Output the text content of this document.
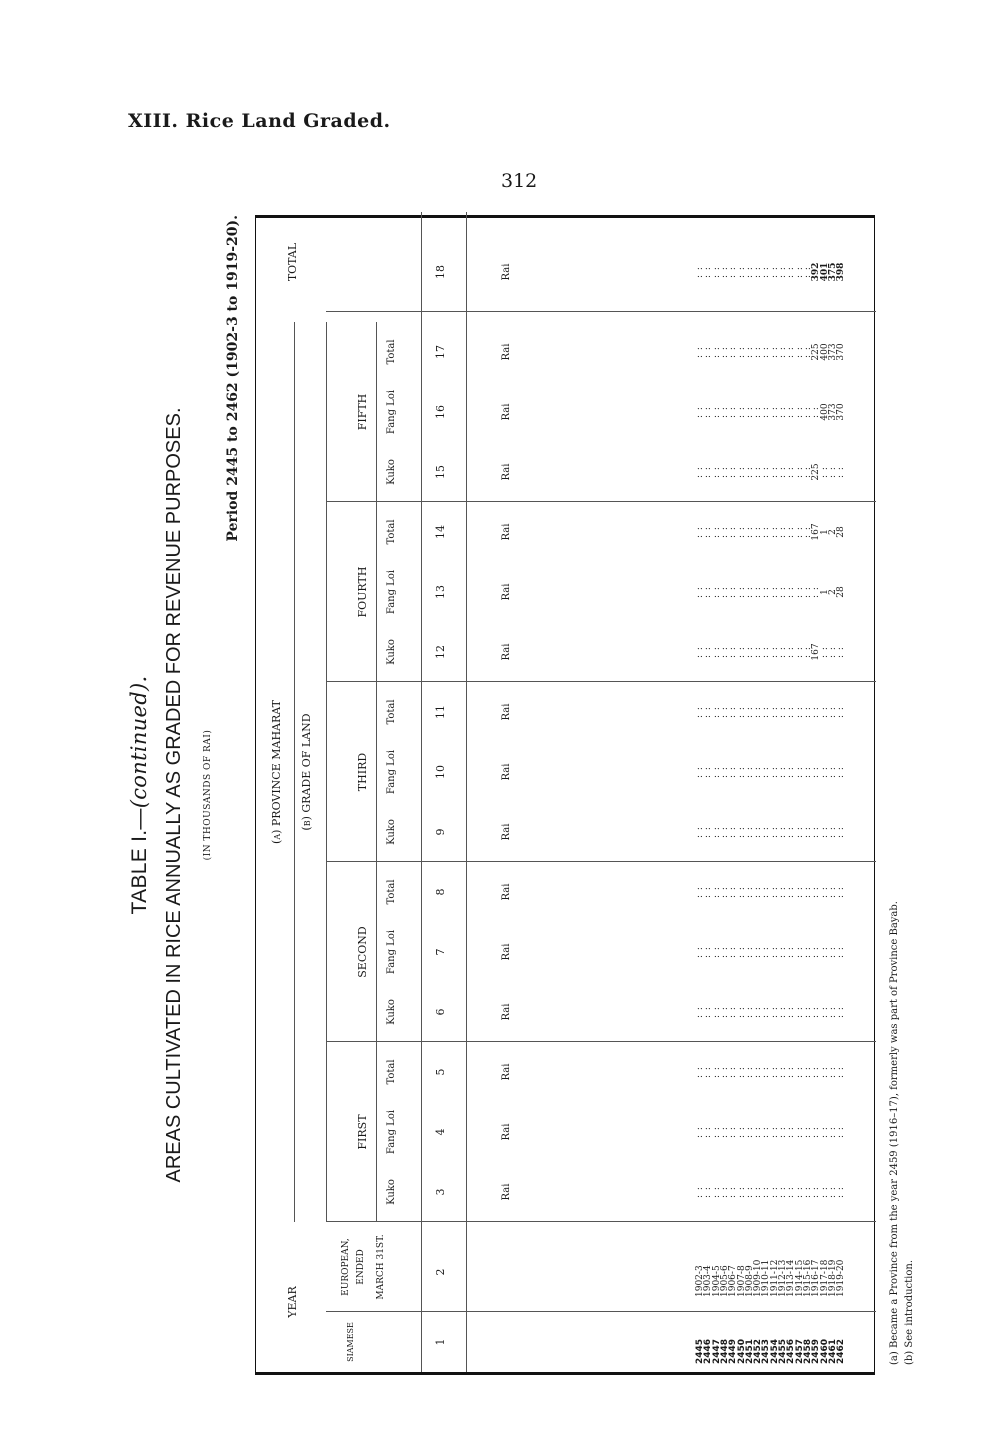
XIII. Rice Land Graded.
312
TABLE I.—(continued). AREAS CULTIVATED IN RICE ANNUALLY AS GRADED FOR REVENUE PURPOSES. (IN THOUSANDS OF RAI)
Period 2445 to 2462 (1902-3 to 1919-20).
(a) PROVINCE MAHARAT (b) GRADE OF LAND
YEAR
SIAMESE
EUROPEAN, ENDED MARCH 31ST.
FIRST
SECOND
THIRD
FOURTH
FIFTH
TOTAL
Kuko
Fang Loi
Total
Kuko
Fang Loi
Total
Kuko
Fang Loi
Total
Kuko
Fang Loi
Total
Kuko
Fang Loi
Total
1
2
3
4
5
6
7
8
9
10
11
12
13
14
15
16
17
18
Rai
Rai
Rai
Rai
Rai
Rai
Rai
Rai
Rai
Rai
Rai
Rai
Rai
Rai
Rai
Rai
2445
1902-3
: :
: :
: :
: :
: :
: :
: :
: :
: :
: :
: :
: :
: :
: :
: :
: :
2446
1903-4
: :
: :
: :
: :
: :
: :
: :
: :
: :
: :
: :
: :
: :
: :
: :
: :
2447
1904-5
: :
: :
: :
: :
: :
: :
: :
: :
: :
: :
: :
: :
: :
: :
: :
: :
2448
1905-6
: :
: :
: :
: :
: :
: :
: :
: :
: :
: :
: :
: :
: :
: :
: :
: :
2449
1906-7
: :
: :
: :
: :
: :
: :
: :
: :
: :
: :
: :
: :
: :
: :
: :
: :
2450
1907-8
: :
: :
: :
: :
: :
: :
: :
: :
: :
: :
: :
: :
: :
: :
: :
: :
2451
1908-9
: :
: :
: :
: :
: :
: :
: :
: :
: :
: :
: :
: :
: :
: :
: :
: :
2452
1909-10
: :
: :
: :
: :
: :
: :
: :
: :
: :
: :
: :
: :
: :
: :
: :
: :
2453
1910-11
: :
: :
: :
: :
: :
: :
: :
: :
: :
: :
: :
: :
: :
: :
: :
: :
2454
1911-12
: :
: :
: :
: :
: :
: :
: :
: :
: :
: :
: :
: :
: :
: :
: :
: :
2455
1912-13
: :
: :
: :
: :
: :
: :
: :
: :
: :
: :
: :
: :
: :
: :
: :
: :
2456
1913-14
: :
: :
: :
: :
: :
: :
: :
: :
: :
: :
: :
: :
: :
: :
: :
: :
2457
1914-15
: :
: :
: :
: :
: :
: :
: :
: :
: :
: :
: :
: :
: :
: :
: :
: :
2458
1915-16
: :
: :
: :
: :
: :
: :
: :
: :
: :
: :
: :
: :
: :
: :
: :
: :
2459
1916-17
: :
: :
: :
: :
: :
: :
: :
: :
: :
167
: :
167
225
: :
225
392
2460
1917-18
: :
: :
: :
: :
: :
: :
: :
: :
: :
: :
1
1
: :
400
400
401
2461
1918-19
: :
: :
: :
: :
: :
: :
: :
: :
: :
: :
2
2
: :
373
373
375
2462
1919-20
: :
: :
: :
: :
: :
: :
: :
: :
: :
: :
28
28
: :
370
370
398
(a) Became a Province from the year 2459 (1916–17), formerly was part of Province Bayab. (b) See introduction.
